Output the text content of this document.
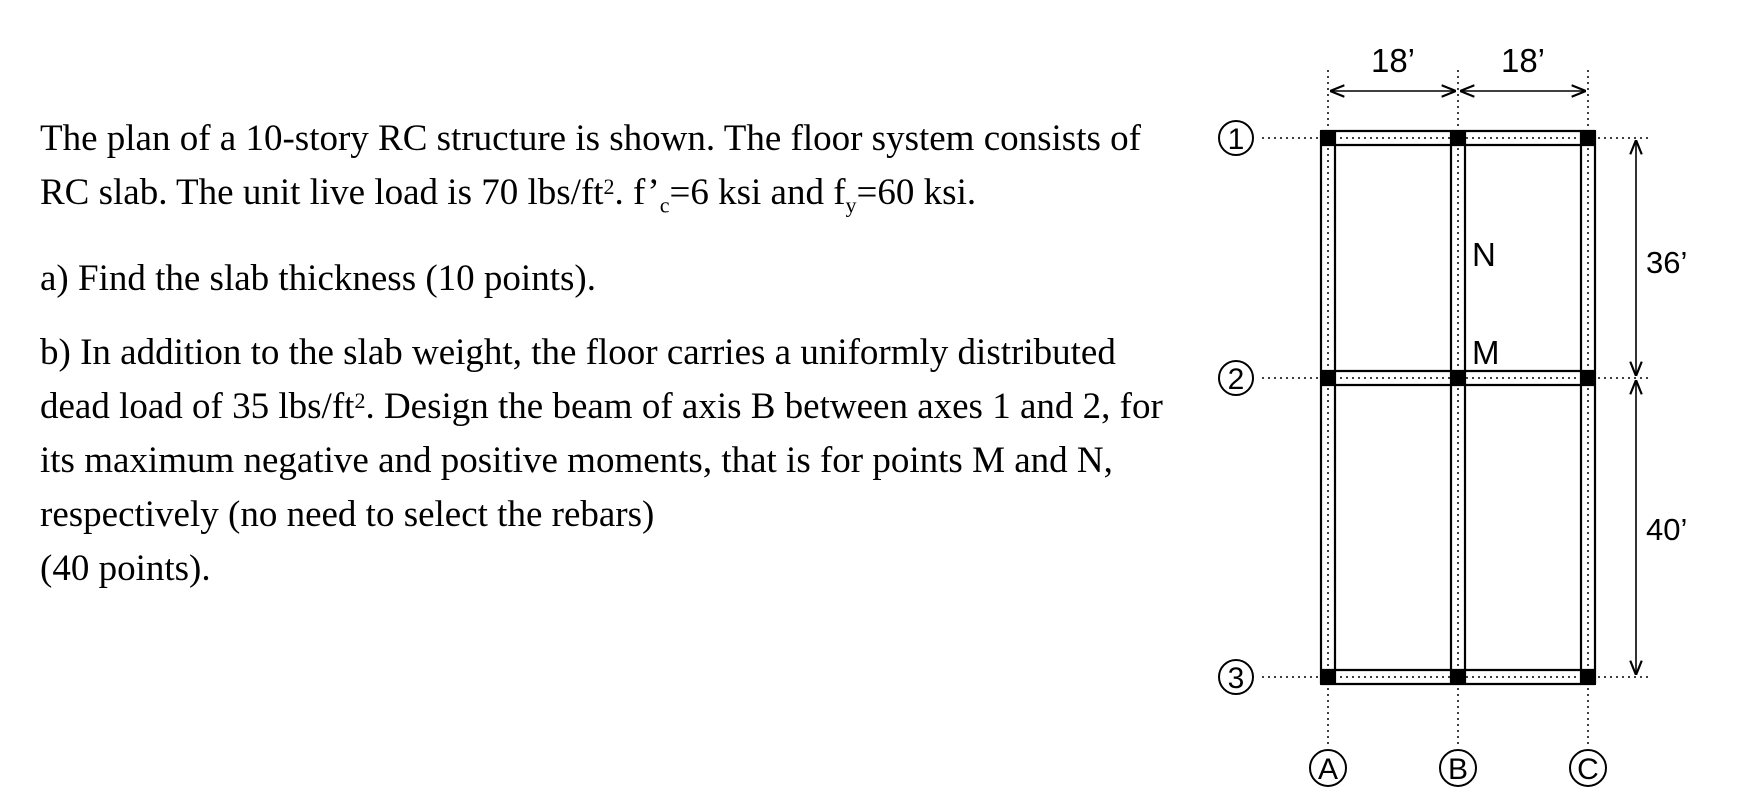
The plan of a 10-story RC structure is shown. The floor system consists of RC slab. The unit live load is 70 lbs/$ft^2$. $f’_c=6$ ksi and $f_y=60$ ksi.

a) Find the slab thickness (10 points).

b) In addition to the slab weight, the floor carries a uniformly distributed dead load of 35 lbs/$ft^2$. Design the beam of axis B between axes 1 and 2, for its maximum negative and positive moments, that is for points M and N, respectively (no need to select the rebars)
(40 points).

18’	18’
36’
40’
1
2
3
A	B	C
N
M
